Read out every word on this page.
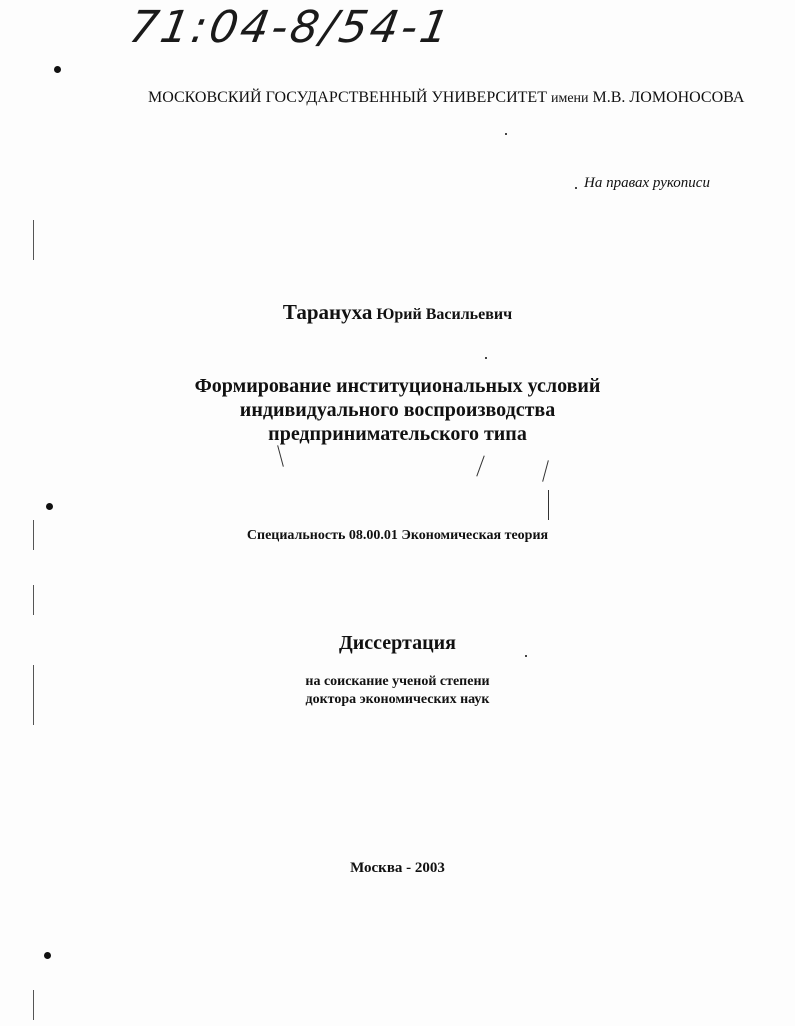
71:04-8/54-1
МОСКОВСКИЙ ГОСУДАРСТВЕННЫЙ УНИВЕРСИТЕТ имени М.В. ЛОМОНОСОВА
На правах рукописи
Тарануха Юрий Васильевич
Формирование институциональных условий
индивидуального воспроизводства
предпринимательского типа
Специальность 08.00.01 Экономическая теория
Диссертация
на соискание ученой степени
доктора экономических наук
Москва - 2003
